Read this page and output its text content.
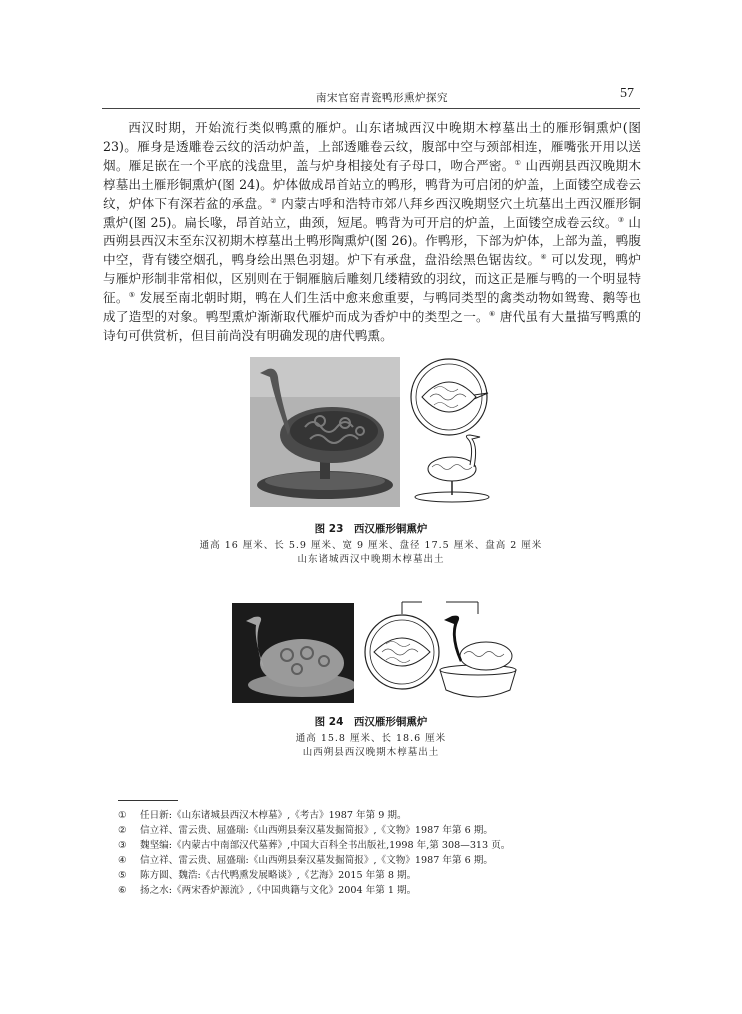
南宋官窑青瓷鸭形熏炉探究	57

西汉时期，开始流行类似鸭熏的雁炉。山东诸城西汉中晚期木椁墓出土的雁形铜熏炉(图 23)。雁身是透雕卷云纹的活动炉盖，上部透雕卷云纹，腹部中空与颈部相连，雁嘴张开用以送烟。雁足嵌在一个平底的浅盘里，盖与炉身相接处有子母口，吻合严密。① 山西朔县西汉晚期木椁墓出土雁形铜熏炉(图 24)。炉体做成昂首站立的鸭形，鸭背为可启闭的炉盖，上面镂空成卷云纹，炉体下有深若盆的承盘。② 内蒙古呼和浩特市郊八拜乡西汉晚期竖穴土坑墓出土西汉雁形铜熏炉(图 25)。扁长喙，昂首站立，曲颈，短尾。鸭背为可开启的炉盖，上面镂空成卷云纹。③ 山西朔县西汉末至东汉初期木椁墓出土鸭形陶熏炉(图 26)。作鸭形，下部为炉体，上部为盖，鸭腹中空，背有镂空烟孔，鸭身绘出黑色羽翅。炉下有承盘，盘沿绘黑色锯齿纹。④ 可以发现，鸭炉与雁炉形制非常相似，区别则在于铜雁脑后雕刻几缕精致的羽纹，而这正是雁与鸭的一个明显特征。⑤ 发展至南北朝时期，鸭在人们生活中愈来愈重要，与鸭同类型的禽类动物如鸳鸯、鹅等也成了造型的对象。鸭型熏炉渐渐取代雁炉而成为香炉中的类型之一。⑥ 唐代虽有大量描写鸭熏的诗句可供赏析，但目前尚没有明确发现的唐代鸭熏。

图 23　西汉雁形铜熏炉
通高 16 厘米、长 5.9 厘米、宽 9 厘米、盘径 17.5 厘米、盘高 2 厘米
山东诸城西汉中晚期木椁墓出土
图 24　西汉雁形铜熏炉
通高 15.8 厘米、长 18.6 厘米
山西朔县西汉晚期木椁墓出土
① 任日新:《山东诸城县西汉木椁墓》,《考古》1987 年第 9 期。
② 信立祥、雷云贵、屈盛瑞:《山西朔县秦汉墓发掘简报》,《文物》1987 年第 6 期。
③ 魏坚编:《内蒙古中南部汉代墓葬》,中国大百科全书出版社,1998 年,第 308—313 页。
④ 信立祥、雷云贵、屈盛瑞:《山西朔县秦汉墓发掘简报》,《文物》1987 年第 6 期。
⑤ 陈方圆、魏浩:《古代鸭熏发展略谈》,《艺海》2015 年第 8 期。
⑥ 扬之水:《两宋香炉源流》,《中国典籍与文化》2004 年第 1 期。
